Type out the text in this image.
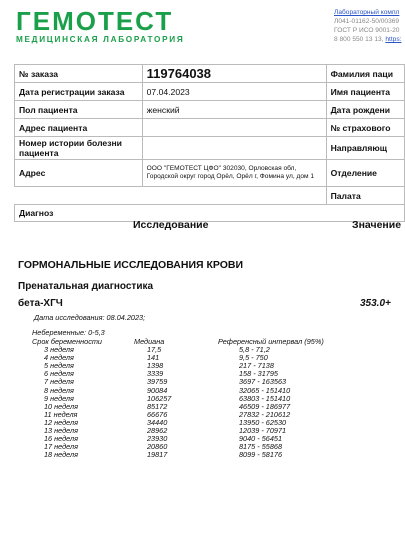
ГЕМОТЕСТ
МЕДИЦИНСКАЯ ЛАБОРАТОРИЯ
Лабораторный компл
Л041-01162-50/00369
ГОСТ Р ИСО 9001-20
8 800 550 13 13, https:
№ заказа	119764038	Фамилия паци
Дата регистрации заказа	07.04.2023	Имя пациента
Пол пациента	женский	Дата рождени
Адрес пациента		№ страхового
Номер истории болезни пациента		Направляющ
Адрес	ООО "ГЕМОТЕСТ ЦФО" 302030, Орловская обл, Городской округ город Орёл, Орёл г, Фомина ул, дом 1	Отделение
		Палата
Диагноз		
Исследование	Значение
ГОРМОНАЛЬНЫЕ ИССЛЕДОВАНИЯ КРОВИ
Пренатальная диагностика
бета-ХГЧ	353.0+
Дата исследования: 08.04.2023;
Небеременные: 0-5,3
Срок беременности	Медиана	Референсный интервал (95%)
3 неделя	17,5	5,8 - 71,2
4 неделя	141	9,5 - 750
5 неделя	1398	217 - 7138
6 неделя	3339	158 - 31795
7 неделя	39759	3697 - 163563
8 неделя	90084	32065 - 151410
9 неделя	106257	63803 - 151410
10 неделя	85172	46509 - 186977
11 неделя	66676	27832 - 210612
12 неделя	34440	13950 - 62530
13 неделя	28962	12039 - 70971
16 неделя	23930	9040 - 56451
17 неделя	20860	8175 - 55868
18 неделя	19817	8099 - 58176
